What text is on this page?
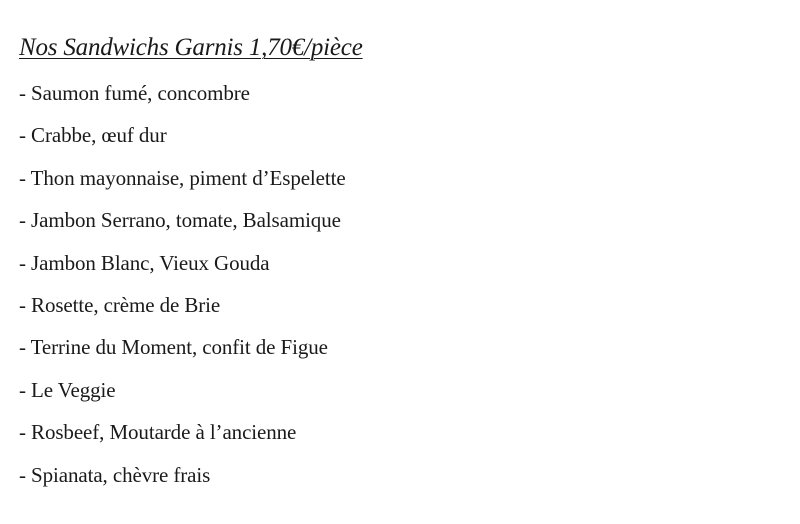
Nos Sandwichs Garnis 1,70€/pièce
- Saumon fumé, concombre
- Crabbe, œuf dur
- Thon mayonnaise, piment d’Espelette
- Jambon Serrano, tomate, Balsamique
- Jambon Blanc, Vieux Gouda
- Rosette, crème de Brie
- Terrine du Moment, confit de Figue
- Le Veggie
- Rosbeef, Moutarde à l’ancienne
- Spianata, chèvre frais
